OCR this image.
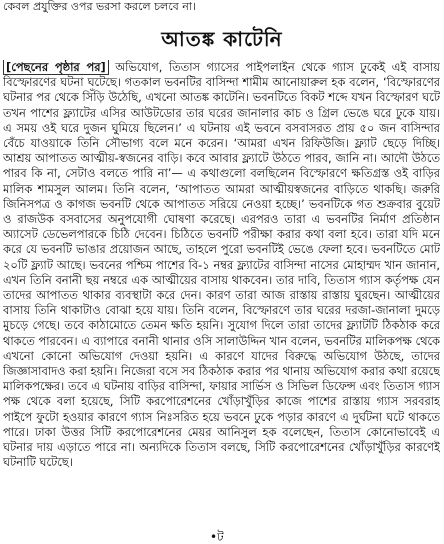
কেবল প্রযুক্তির ওপর ভরসা করলে চলবে না।
আতঙ্ক কাটেনি
[পেছনের পৃষ্ঠার পর] অভিযোগ, তিতাস গ্যাসের পাইপলাইন থেকে গ্যাস ঢুকেই এই বাসায় বিস্ফোরণের ঘটনা ঘটেছে। গতকাল ভবনটির বাসিন্দা শামীম আনোয়ারুল হক বলেন, ‘বিস্ফোরণের ঘটনার পর থেকে সিঁড়ি উঠেছি, এখনো আতঙ্ক কাটেনি। ভবনটিতে বিকট শব্দে যখন বিস্ফোরণ ঘটে তখন পাশের ফ্ল্যাটের এসির আউটডোর তার ঘরের জানালার কাচ ও গ্রিল ভেঙে ঘরে ঢুকে যায়। এ সময় ওই ঘরে দুজন ঘুমিয়ে ছিলেন।’ এ ঘটনায় এই ভবনে বসবাসরত প্রায় ৫০ জন বাসিন্দার বেঁচে যাওয়াকে তিনি সৌভাগ্য বলে মনে করেন। ‘আমরা এখন রিফিউজি। ফ্ল্যাট ছেড়ে দিচ্ছি। আশ্রয় আপাতত আত্মীয়-স্বজনের বাড়ি। কবে আবার ফ্ল্যাটে উঠতে পারব, জানি না। আদৌ উঠতে পারব কি না, সেটাও বলতে পারি না’— এ কথাগুলো বলছিলেন বিস্ফোরণে ক্ষতিগ্রস্ত ওই বাড়ির মালিক শামসুল আলম। তিনি বলেন, ‘আপাতত আমরা আত্মীয়স্বজনের বাড়িতে থাকছি। জরুরি জিনিসপত্র ও কাগজ ভবনটি থেকে আপাতত সরিয়ে নেওয়া হচ্ছে।’ ভবনটিকে গত শুক্রবার বুয়েট ও রাজউক বসবাসের অনুপযোগী ঘোষণা করেছে। এরপরও তারা এ ভবনটির নির্মাণ প্রতিষ্ঠান অ্যাসেট ডেভেলপারকে চিঠি দেবেন। চিঠিতে ভবনটি পরীক্ষা করার কথা বলা হবে। তারা যদি মনে করে যে ভবনটি ভাঙার প্রয়োজন আছে, তাহলে পুরো ভবনটিই ভেঙে ফেলা হবে। ভবনটিতে মোট ২০টি ফ্ল্যাট আছে। ভবনের পশ্চিম পাশের বি-১ নম্বর ফ্ল্যাটের বাসিন্দা নাসের মোহাম্মদ খান জানান, এখন তিনি বনানী ছয় নম্বরে এক আত্মীয়ের বাসায় থাকবেন। তার দাবি, তিতাস গ্যাস কর্তৃপক্ষ যেন তাদের আপাতত থাকার ব্যবস্থাটা করে দেন। কারণ তারা আজ রাস্তায় রাস্তায় ঘুরছেন। আত্মীয়ের বাসায় তিনি থাকাটাও বোঝা হয়ে যায়। তিনি বলেন, বিস্ফোরণে তার ঘরের দরজা-জানালা দুমড়ে মুচড়ে গেছে। তবে কাঠামোতে তেমন ক্ষতি হয়নি। সুযোগ দিলে তারা তাদের ফ্ল্যাটটি ঠিকঠাক করে থাকতে পারবেন। এ ব্যাপারে বনানী থানার ওসি সালাউদ্দিন খান বলেন, ভবনটির মালিকপক্ষ থেকে এখনো কোনো অভিযোগ দেওয়া হয়নি। এ কারণে যাদের বিরুদ্ধে অভিযোগ উঠছে, তাদের জিজ্ঞাসাবাদও করা হয়নি। নিজেরা বসে সব ঠিকঠাক করার পর থানায় অভিযোগ করার কথা রয়েছে মালিকপক্ষের। তবে এ ঘটনায় বাড়ির বাসিন্দা, ফায়ার সার্ভিস ও সিভিল ডিফেন্স এবং তিতাস গ্যাস পক্ষ থেকে বলা হয়েছে, সিটি করপোরেশনের খোঁড়াখুঁড়ির কাজে পাশের রাস্তায় গ্যাস সরবরাহ পাইপে ফুটো হওয়ার কারণে গ্যাস নিঃসরিত হয়ে ভবনে ঢুকে পড়ার কারণে এ দুর্ঘটনা ঘটে থাকতে পারে। ঢাকা উত্তর সিটি করপোরেশনের মেয়র আনিসুল হক বলেছেন, তিতাস কোনোভাবেই এ ঘটনার দায় এড়াতে পারে না। অন্যদিকে তিতাস বলছে, সিটি করপোরেশনের খোঁড়াখুঁড়ির কারণেই ঘটনাটি ঘটেছে।
•ট
